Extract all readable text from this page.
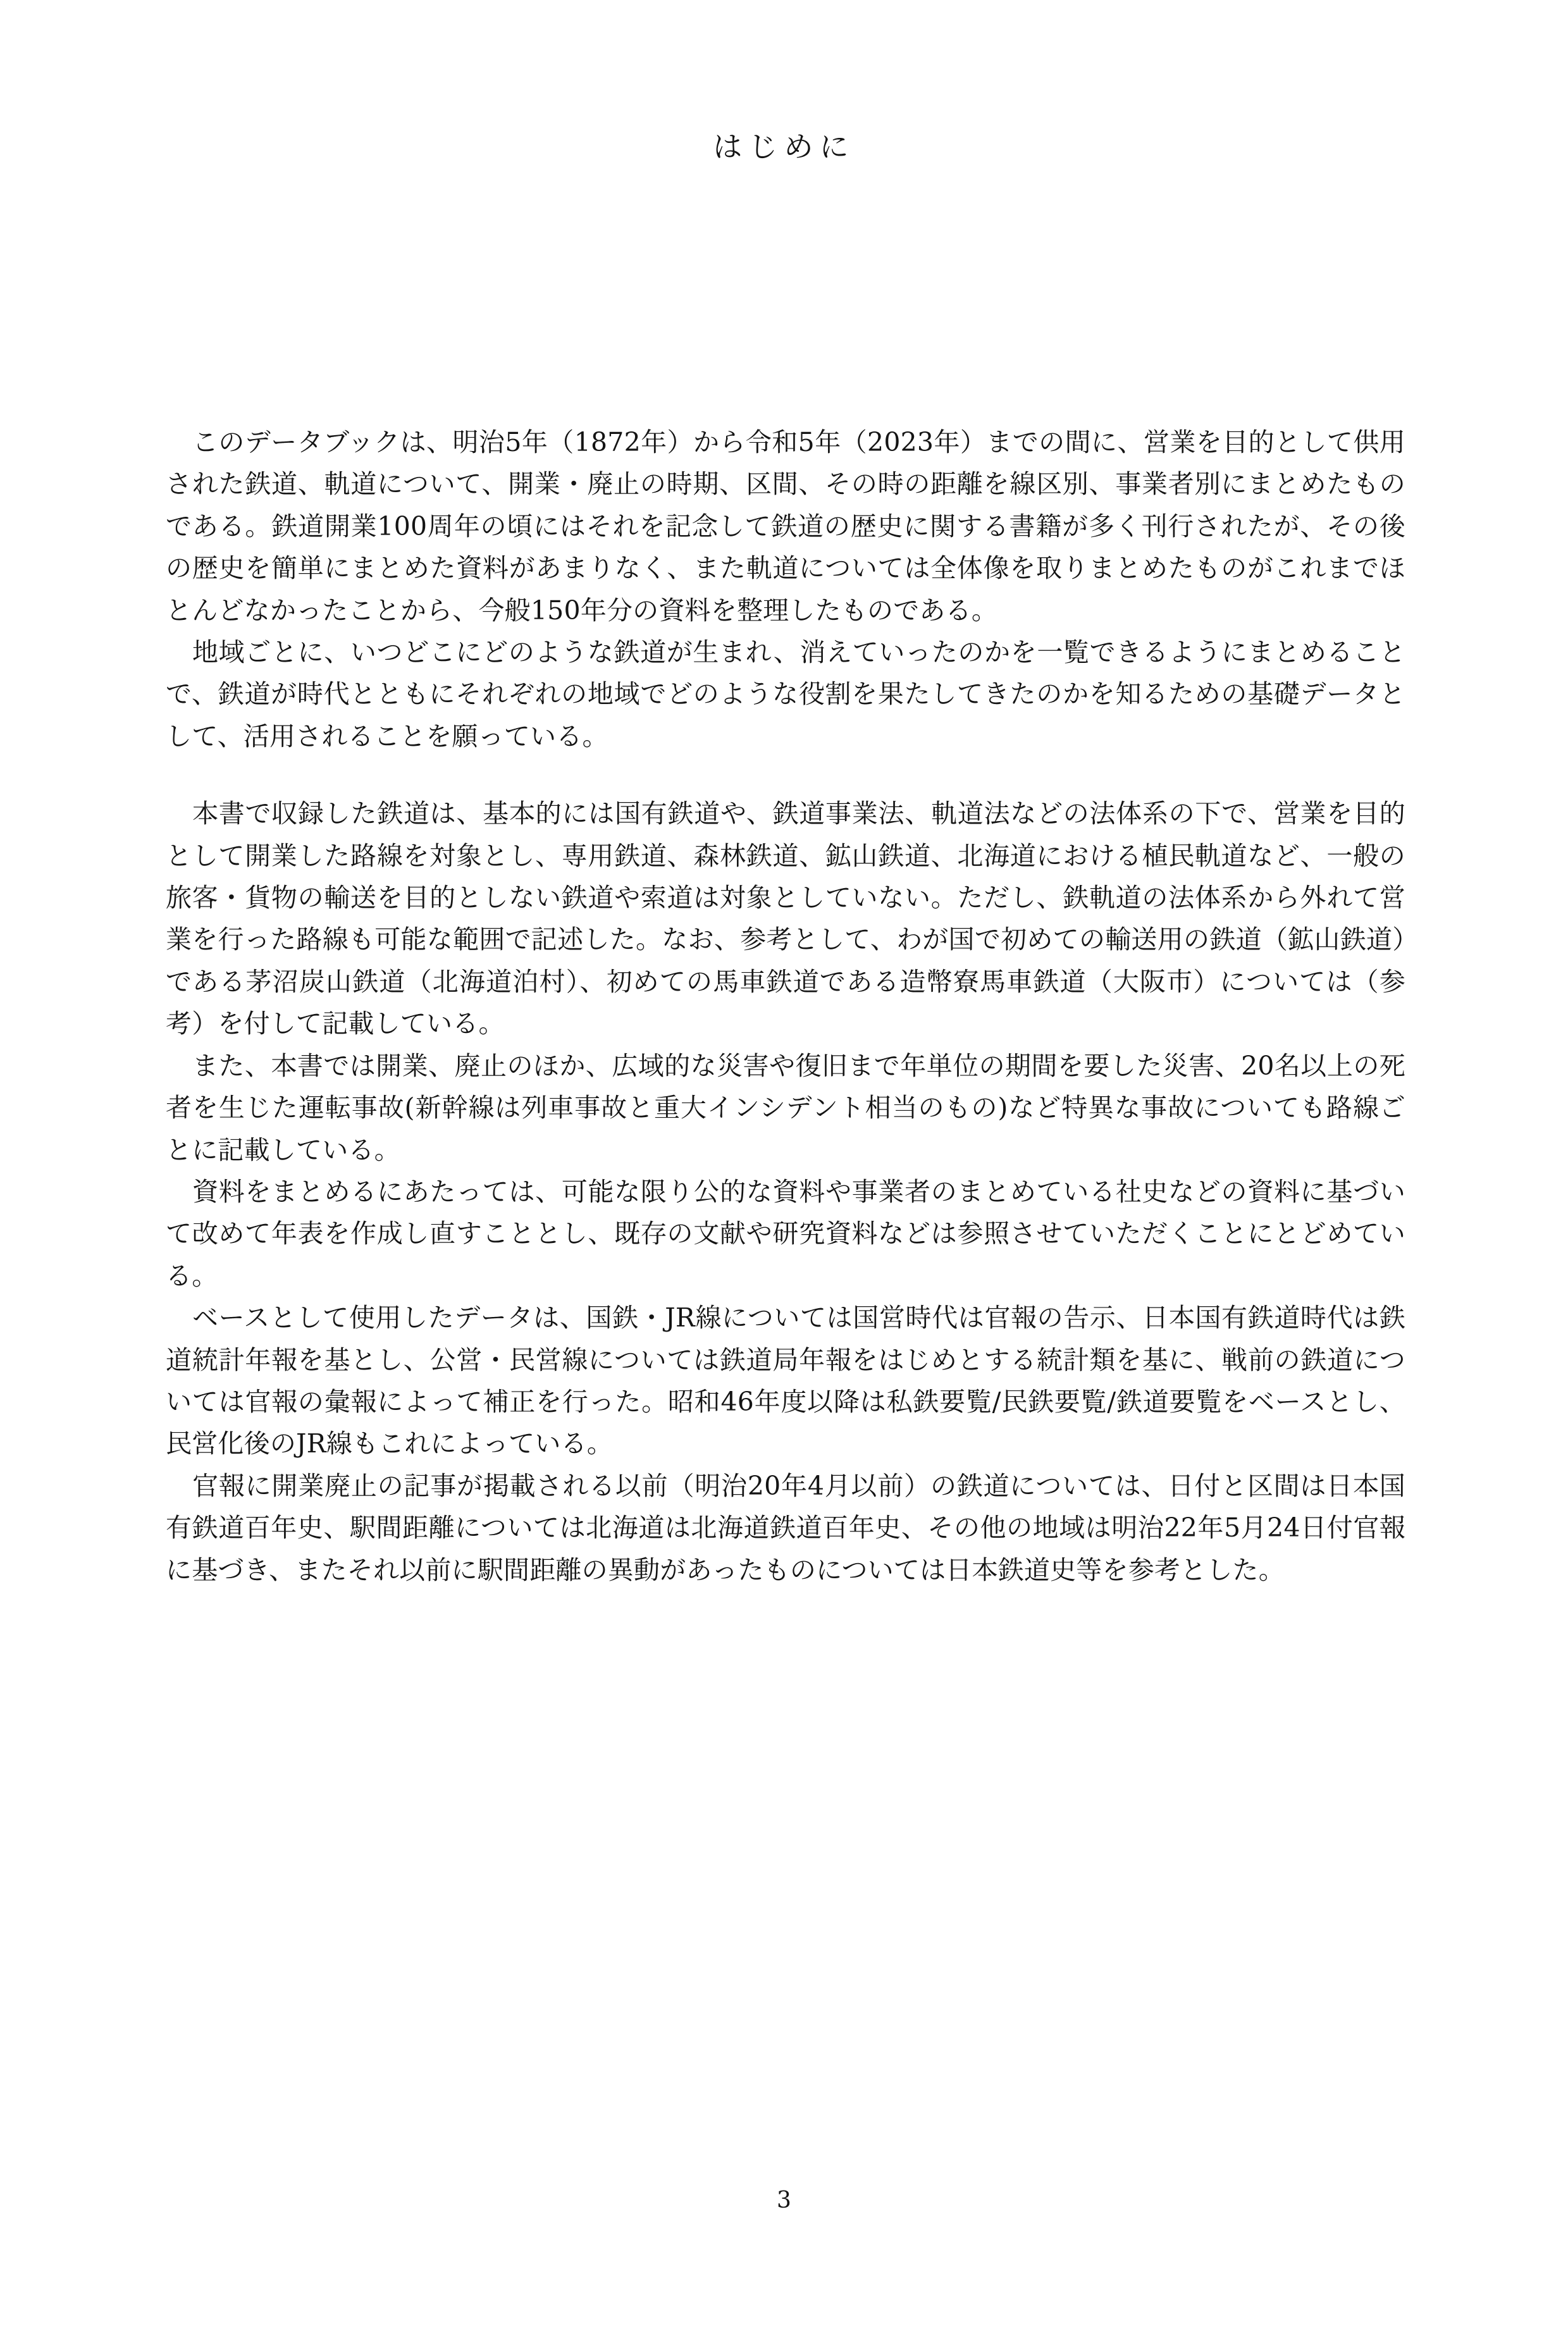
はじめに

このデータブックは、明治5年（1872年）から令和5年（2023年）までの間に、営業を目的として供用された鉄道、軌道について、開業・廃止の時期、区間、その時の距離を線区別、事業者別にまとめたものである。鉄道開業100周年の頃にはそれを記念して鉄道の歴史に関する書籍が多く刊行されたが、その後の歴史を簡単にまとめた資料があまりなく、また軌道については全体像を取りまとめたものがこれまでほとんどなかったことから、今般150年分の資料を整理したものである。

地域ごとに、いつどこにどのような鉄道が生まれ、消えていったのかを一覧できるようにまとめることで、鉄道が時代とともにそれぞれの地域でどのような役割を果たしてきたのかを知るための基礎データとして、活用されることを願っている。

本書で収録した鉄道は、基本的には国有鉄道や、鉄道事業法、軌道法などの法体系の下で、営業を目的として開業した路線を対象とし、専用鉄道、森林鉄道、鉱山鉄道、北海道における植民軌道など、一般の旅客・貨物の輸送を目的としない鉄道や索道は対象としていない。ただし、鉄軌道の法体系から外れて営業を行った路線も可能な範囲で記述した。なお、参考として、わが国で初めての輸送用の鉄道（鉱山鉄道）である茅沼炭山鉄道（北海道泊村）、初めての馬車鉄道である造幣寮馬車鉄道（大阪市）については（参考）を付して記載している。

また、本書では開業、廃止のほか、広域的な災害や復旧まで年単位の期間を要した災害、20名以上の死者を生じた運転事故(新幹線は列車事故と重大インシデント相当のもの)など特異な事故についても路線ごとに記載している。

資料をまとめるにあたっては、可能な限り公的な資料や事業者のまとめている社史などの資料に基づいて改めて年表を作成し直すこととし、既存の文献や研究資料などは参照させていただくことにとどめている。

ベースとして使用したデータは、国鉄・JR線については国営時代は官報の告示、日本国有鉄道時代は鉄道統計年報を基とし、公営・民営線については鉄道局年報をはじめとする統計類を基に、戦前の鉄道については官報の彙報によって補正を行った。昭和46年度以降は私鉄要覧/民鉄要覧/鉄道要覧をベースとし、民営化後のJR線もこれによっている。

官報に開業廃止の記事が掲載される以前（明治20年4月以前）の鉄道については、日付と区間は日本国有鉄道百年史、駅間距離については北海道は北海道鉄道百年史、その他の地域は明治22年5月24日付官報に基づき、またそれ以前に駅間距離の異動があったものについては日本鉄道史等を参考とした。

3
